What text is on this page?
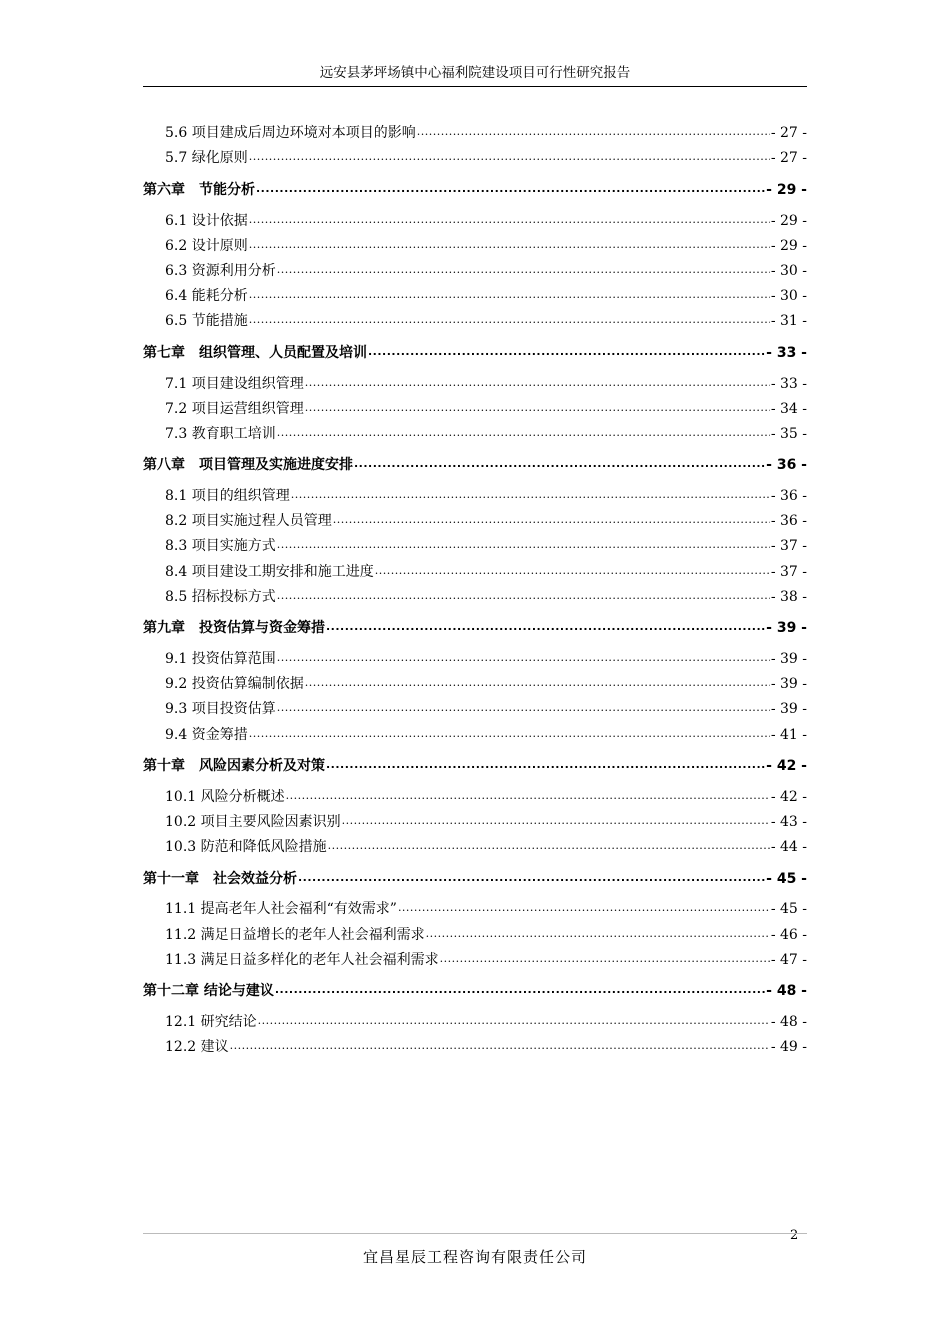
远安县茅坪场镇中心福利院建设项目可行性研究报告
5.6 项目建成后周边环境对本项目的影响 .....	- 27 -
5.7 绿化原则 .....	- 27 -
第六章　节能分析 .....	- 29 -
6.1 设计依据 .....	- 29 -
6.2 设计原则 .....	- 29 -
6.3 资源利用分析 .....	- 30 -
6.4 能耗分析 .....	- 30 -
6.5 节能措施 .....	- 31 -
第七章　组织管理、人员配置及培训 .....	- 33 -
7.1 项目建设组织管理 .....	- 33 -
7.2 项目运营组织管理 .....	- 34 -
7.3 教育职工培训 .....	- 35 -
第八章　项目管理及实施进度安排 .....	- 36 -
8.1 项目的组织管理 .....	- 36 -
8.2 项目实施过程人员管理 .....	- 36 -
8.3 项目实施方式 .....	- 37 -
8.4 项目建设工期安排和施工进度 .....	- 37 -
8.5 招标投标方式 .....	- 38 -
第九章　投资估算与资金筹措 .....	- 39 -
9.1 投资估算范围 .....	- 39 -
9.2 投资估算编制依据 .....	- 39 -
9.3 项目投资估算 .....	- 39 -
9.4 资金筹措 .....	- 41 -
第十章　风险因素分析及对策 .....	- 42 -
10.1 风险分析概述 .....	- 42 -
10.2 项目主要风险因素识别 .....	- 43 -
10.3 防范和降低风险措施 .....	- 44 -
第十一章　社会效益分析 .....	- 45 -
11.1 提高老年人社会福利“有效需求” .....	- 45 -
11.2 满足日益增长的老年人社会福利需求 .....	- 46 -
11.3 满足日益多样化的老年人社会福利需求 .....	- 47 -
第十二章 结论与建议 .....	- 48 -
12.1 研究结论 .....	- 48 -
12.2 建议 .....	- 49 -
2
宜昌星辰工程咨询有限责任公司
